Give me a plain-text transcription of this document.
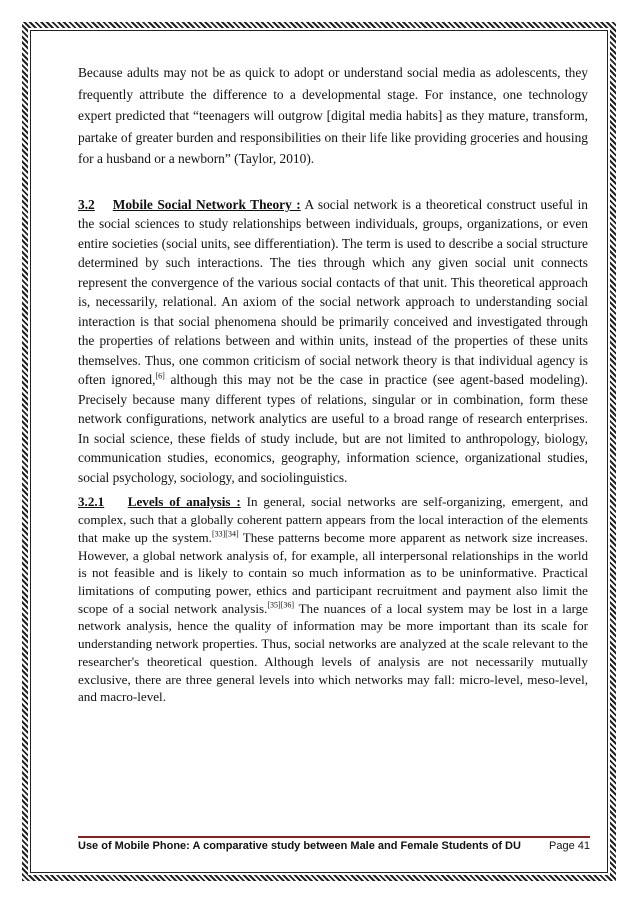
Because adults may not be as quick to adopt or understand social media as adolescents, they frequently attribute the difference to a developmental stage. For instance, one technology expert predicted that “teenagers will outgrow [digital media habits] as they mature, transform, partake of greater burden and responsibilities on their life like providing groceries and housing for a husband or a newborn” (Taylor, 2010).

3.2 Mobile Social Network Theory : A social network is a theoretical construct useful in the social sciences to study relationships between individuals, groups, organizations, or even entire societies (social units, see differentiation). The term is used to describe a social structure determined by such interactions. The ties through which any given social unit connects represent the convergence of the various social contacts of that unit. This theoretical approach is, necessarily, relational. An axiom of the social network approach to understanding social interaction is that social phenomena should be primarily conceived and investigated through the properties of relations between and within units, instead of the properties of these units themselves. Thus, one common criticism of social network theory is that individual agency is often ignored,[6] although this may not be the case in practice (see agent-based modeling). Precisely because many different types of relations, singular or in combination, form these network configurations, network analytics are useful to a broad range of research enterprises. In social science, these fields of study include, but are not limited to anthropology, biology, communication studies, economics, geography, information science, organizational studies, social psychology, sociology, and sociolinguistics.

3.2.1 Levels of analysis : In general, social networks are self-organizing, emergent, and complex, such that a globally coherent pattern appears from the local interaction of the elements that make up the system.[33][34] These patterns become more apparent as network size increases. However, a global network analysis of, for example, all interpersonal relationships in the world is not feasible and is likely to contain so much information as to be uninformative. Practical limitations of computing power, ethics and participant recruitment and payment also limit the scope of a social network analysis.[35][36] The nuances of a local system may be lost in a large network analysis, hence the quality of information may be more important than its scale for understanding network properties. Thus, social networks are analyzed at the scale relevant to the researcher's theoretical question. Although levels of analysis are not necessarily mutually exclusive, there are three general levels into which networks may fall: micro-level, meso-level, and macro-level.

Use of Mobile Phone: A comparative study between Male and Female Students of DU	Page 41
